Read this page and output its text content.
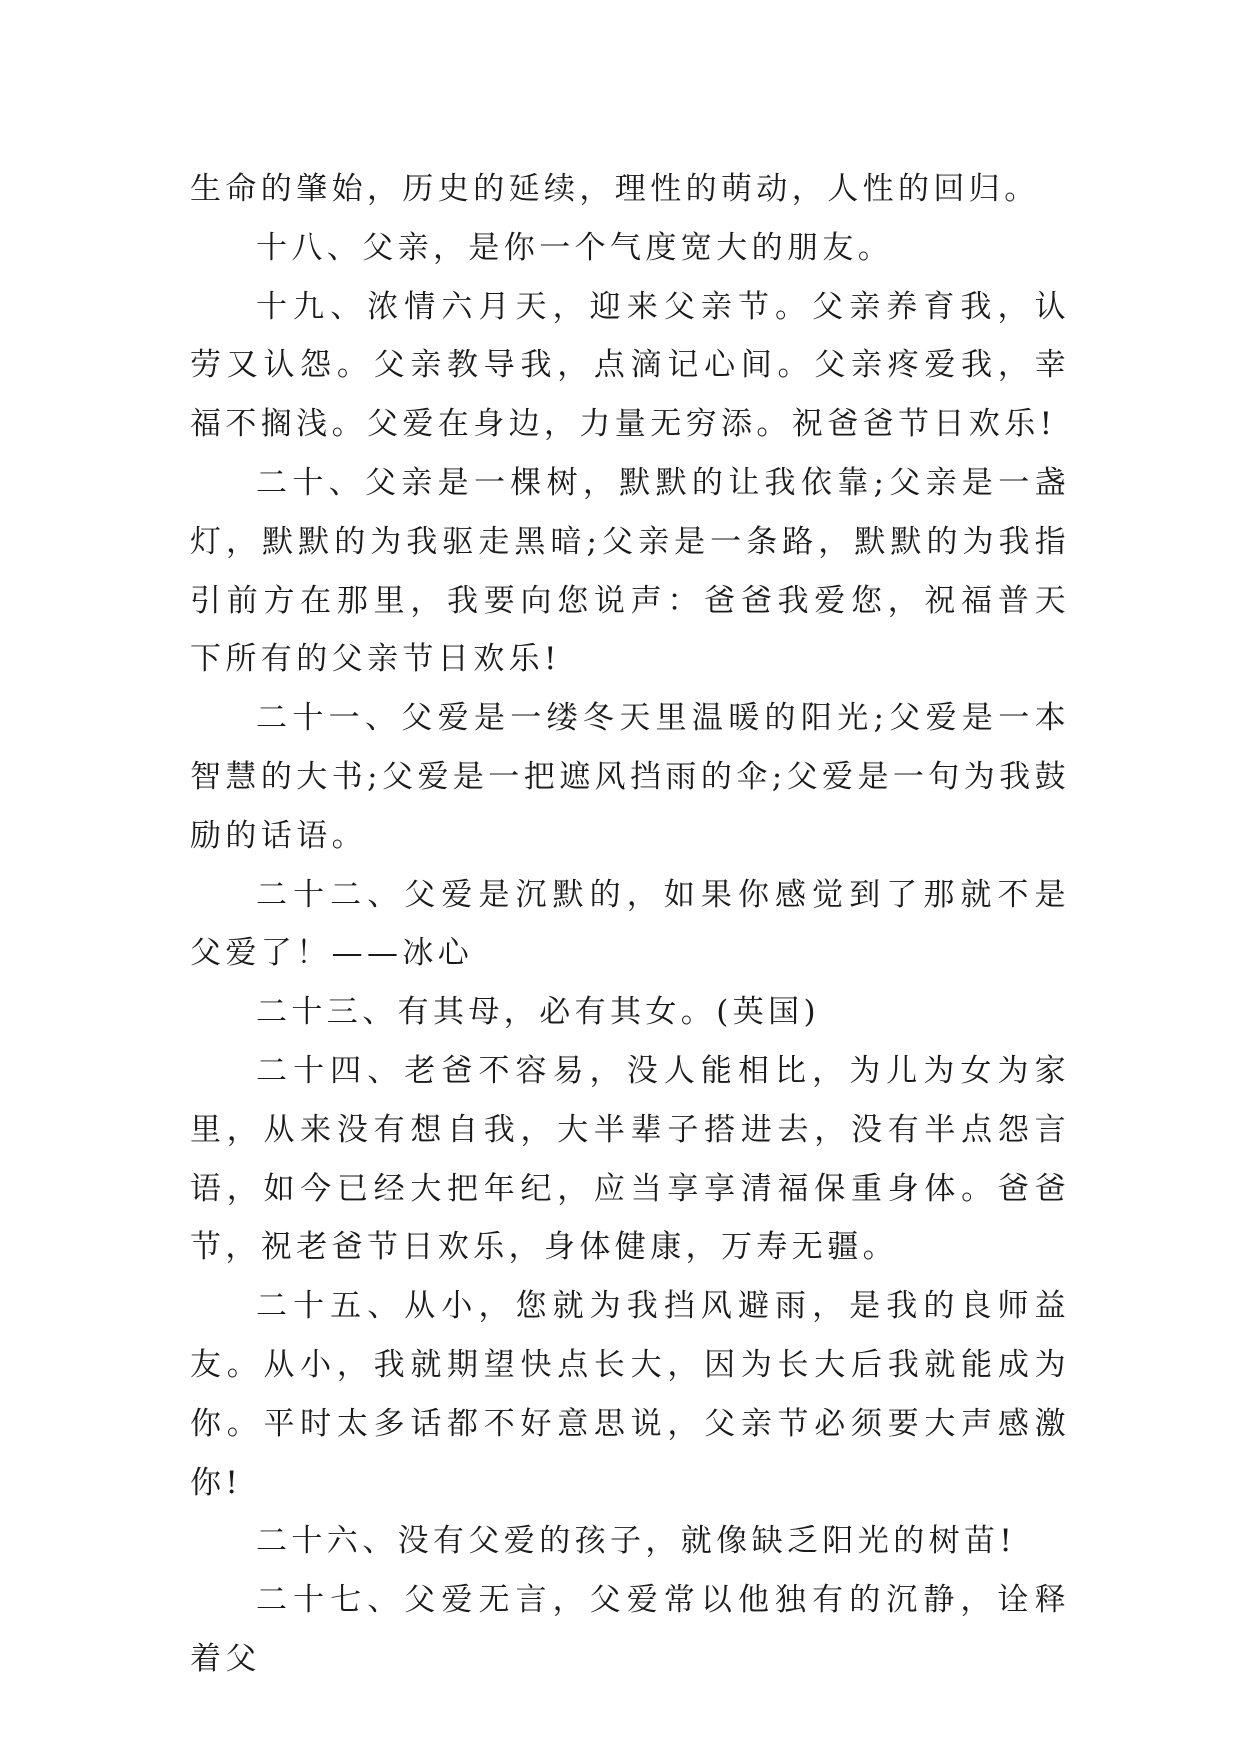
生命的肇始，历史的延续，理性的萌动，人性的回归。

十八、父亲，是你一个气度宽大的朋友。

十九、浓情六月天，迎来父亲节。父亲养育我，认劳又认怨。父亲教导我，点滴记心间。父亲疼爱我，幸福不搁浅。父爱在身边，力量无穷添。祝爸爸节日欢乐!

二十、父亲是一棵树，默默的让我依靠;父亲是一盏灯，默默的为我驱走黑暗;父亲是一条路，默默的为我指引前方在那里，我要向您说声：爸爸我爱您，祝福普天下所有的父亲节日欢乐!

二十一、父爱是一缕冬天里温暖的阳光;父爱是一本智慧的大书;父爱是一把遮风挡雨的伞;父爱是一句为我鼓励的话语。

二十二、父爱是沉默的，如果你感觉到了那就不是父爱了！——冰心

二十三、有其母，必有其女。(英国)

二十四、老爸不容易，没人能相比，为儿为女为家里，从来没有想自我，大半辈子搭进去，没有半点怨言语，如今已经大把年纪，应当享享清福保重身体。爸爸节，祝老爸节日欢乐，身体健康，万寿无疆。

二十五、从小，您就为我挡风避雨，是我的良师益友。从小，我就期望快点长大，因为长大后我就能成为你。平时太多话都不好意思说，父亲节必须要大声感激你!

二十六、没有父爱的孩子，就像缺乏阳光的树苗!

二十七、父爱无言，父爱常以他独有的沉静，诠释着父
